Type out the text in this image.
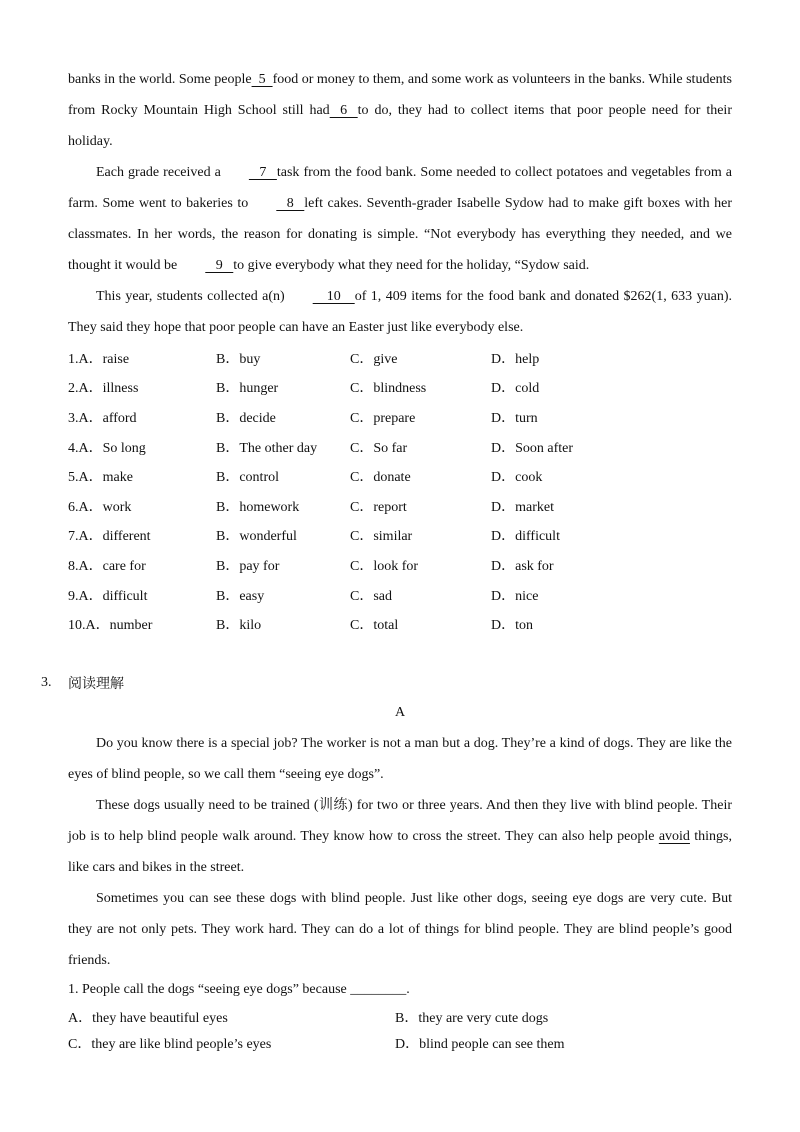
banks in the world. Some people  5  food or money to them, and some work as volunteers in the banks. While students from Rocky Mountain High School still had   6   to do, they had to collect items that poor people need for their holiday.

Each grade received a   7   task from the food bank. Some needed to collect potatoes and vegetables from a farm. Some went to bakeries to   8   left cakes. Seventh-grader Isabelle Sydow had to make gift boxes with her classmates. In her words, the reason for donating is simple. “Not everybody has everything they needed, and we thought it would be   9   to give everybody what they need for the holiday, “Sydow said.

This year, students collected a(n)    10    of 1, 409 items for the food bank and donated $262(1, 633 yuan). They said they hope that poor people can have an Easter just like everybody else.

1.A．raise	B．buy	C．give	D．help
2.A．illness	B．hunger	C．blindness	D．cold
3.A．afford	B．decide	C．prepare	D．turn
4.A．So long	B．The other day	C．So far	D．Soon after
5.A．make	B．control	C．donate	D．cook
6.A．work	B．homework	C．report	D．market
7.A．different	B．wonderful	C．similar	D．difficult
8.A．care for	B．pay for	C．look for	D．ask for
9.A．difficult	B．easy	C．sad	D．nice
10.A．number	B．kilo	C．total	D．ton
3.	阅读理解
A

Do you know there is a special job? The worker is not a man but a dog. They’re a kind of dogs. They are like the eyes of blind people, so we call them “seeing eye dogs”.

These dogs usually need to be trained (训练) for two or three years. And then they live with blind people. Their job is to help blind people walk around. They know how to cross the street. They can also help people avoid things, like cars and bikes in the street.

Sometimes you can see these dogs with blind people. Just like other dogs, seeing eye dogs are very cute. But they are not only pets. They work hard. They can do a lot of things for blind people. They are blind people’s good friends.

1. People call the dogs “seeing eye dogs” because ________.
A．they have beautiful eyes	B．they are very cute dogs
C．they are like blind people’s eyes	D．blind people can see them
